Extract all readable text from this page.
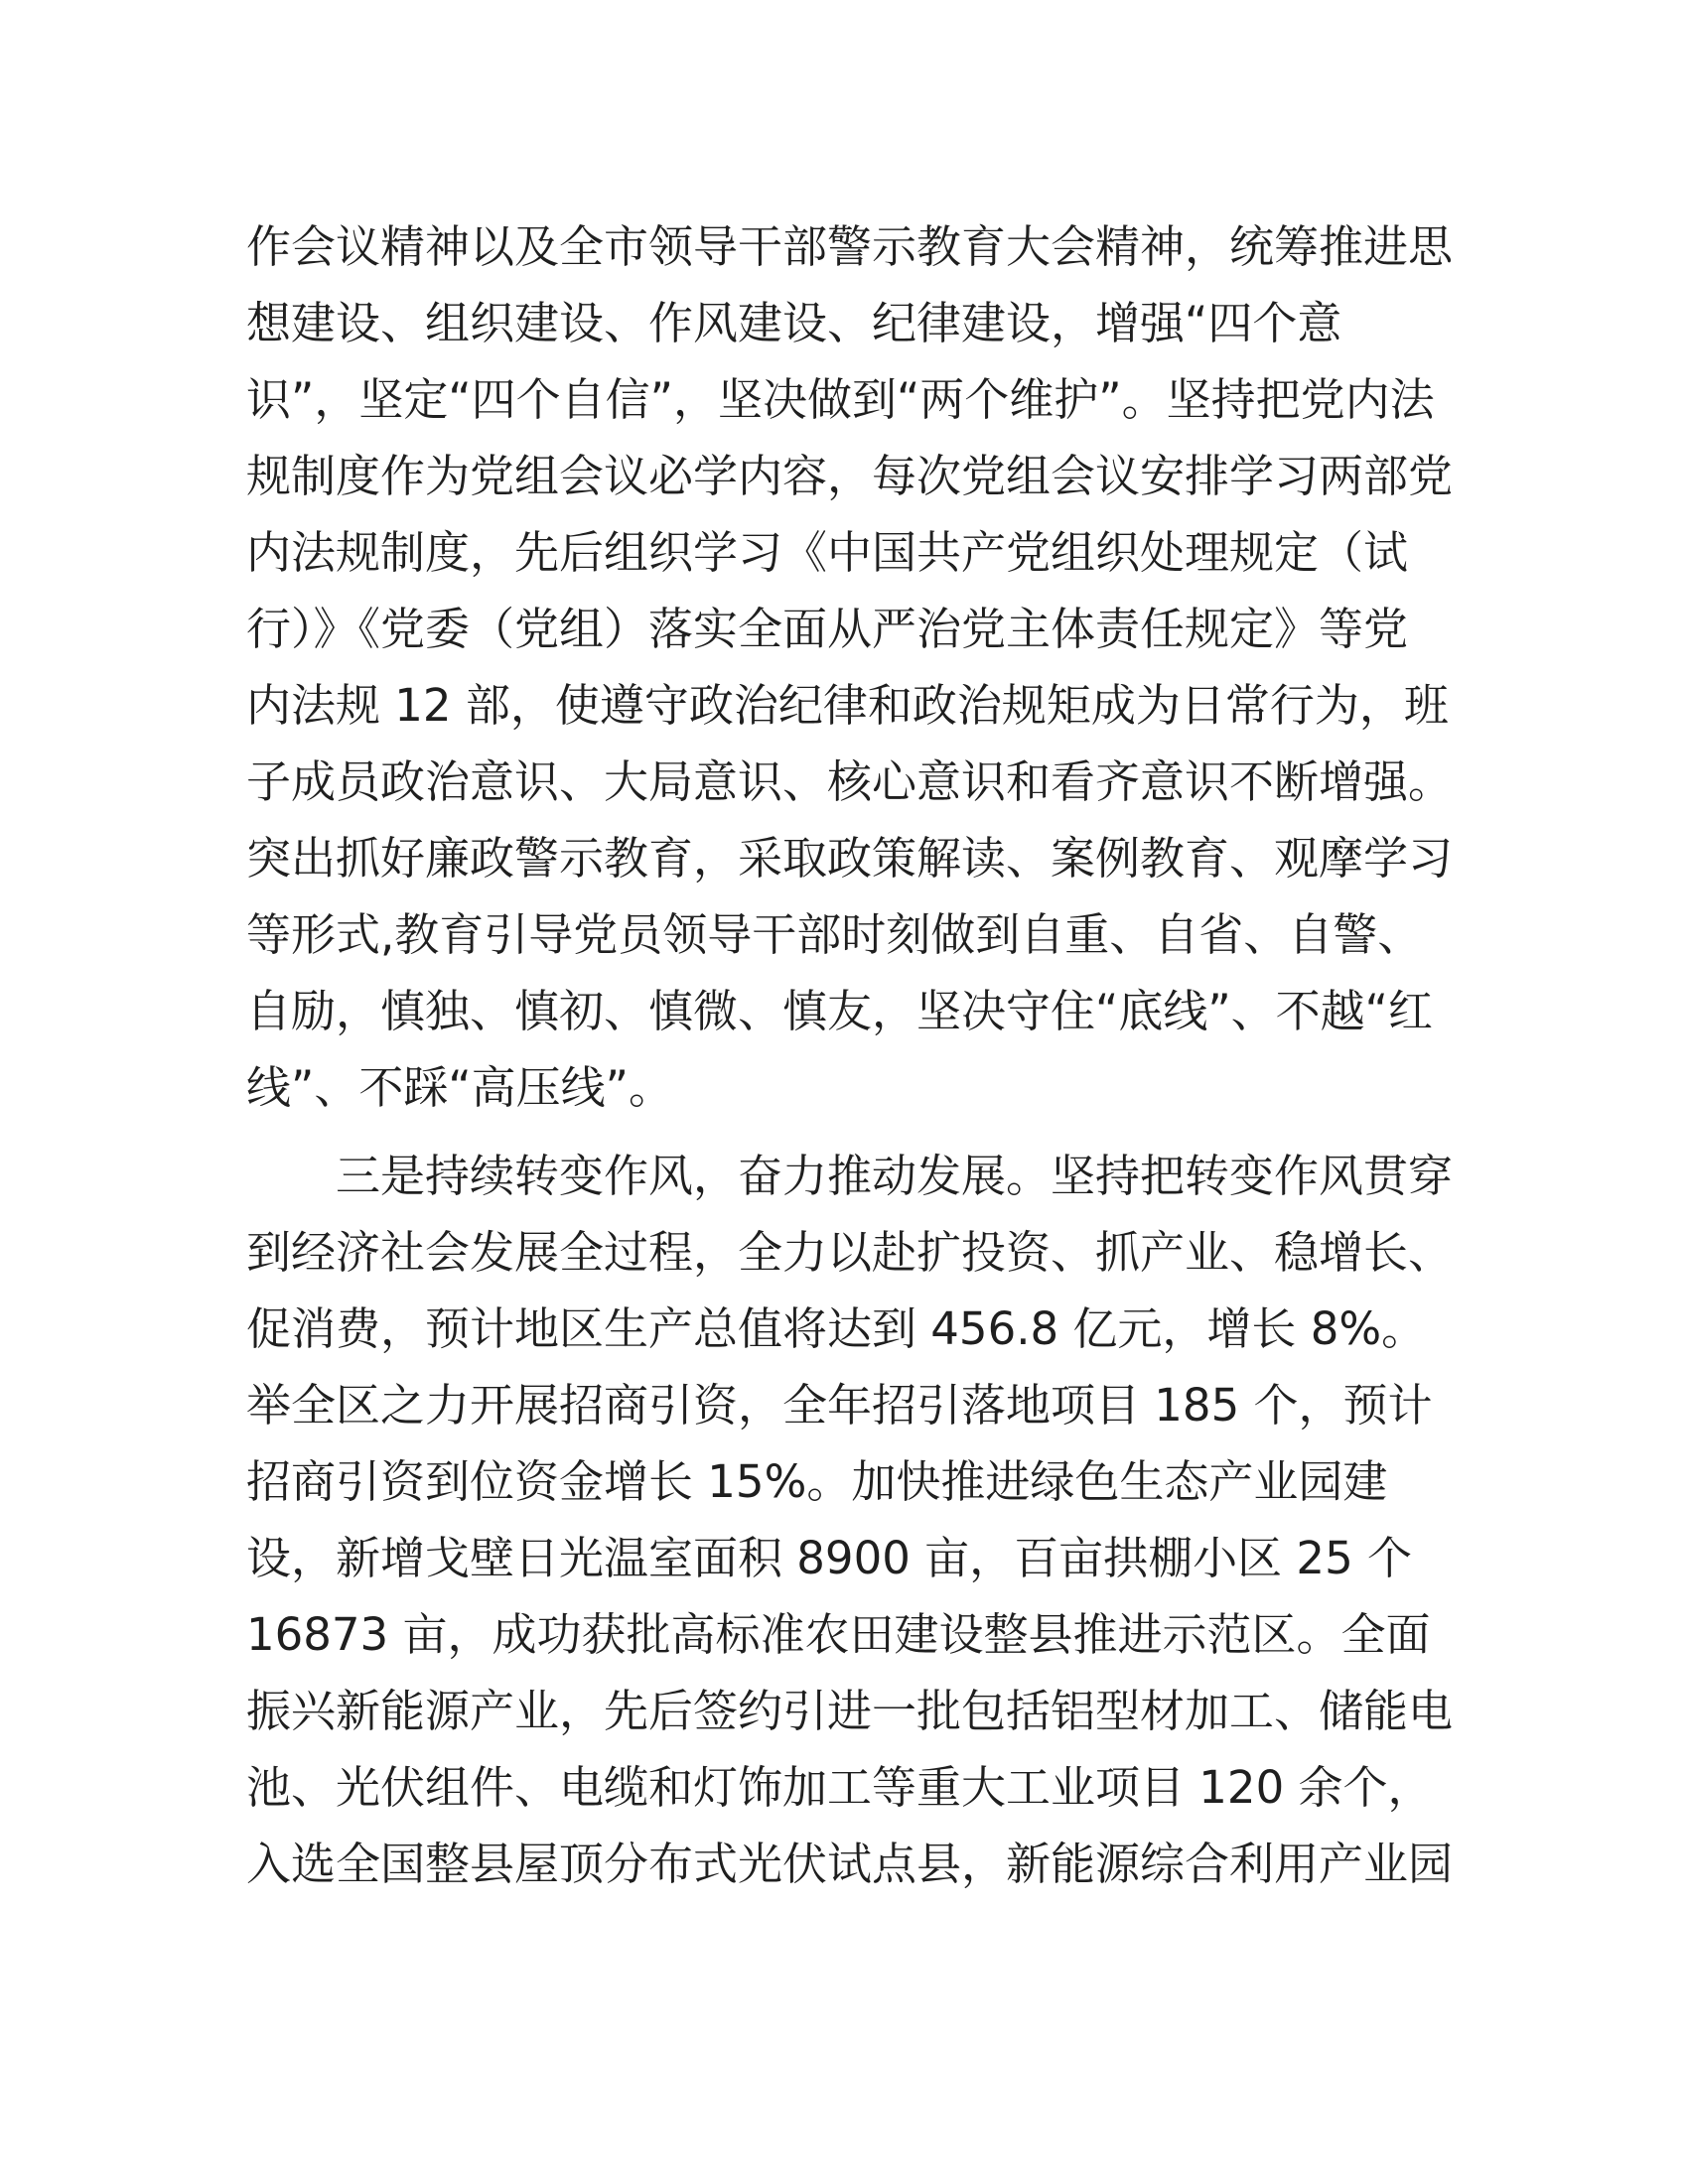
作会议精神以及全市领导干部警示教育大会精神，统筹推进思
想建设、组织建设、作风建设、纪律建设，增强“四个意
识”，坚定“四个自信”，坚决做到“两个维护”。坚持把党内法
规制度作为党组会议必学内容，每次党组会议安排学习两部党
内法规制度，先后组织学习《中国共产党组织处理规定（试
行）》《党委（党组）落实全面从严治党主体责任规定》等党
内法规 12 部，使遵守政治纪律和政治规矩成为日常行为，班
子成员政治意识、大局意识、核心意识和看齐意识不断增强。
突出抓好廉政警示教育，采取政策解读、案例教育、观摩学习
等形式,教育引导党员领导干部时刻做到自重、自省、自警、
自励，慎独、慎初、慎微、慎友，坚决守住“底线”、不越“红
线”、不踩“高压线”。
　　三是持续转变作风，奋力推动发展。坚持把转变作风贯穿
到经济社会发展全过程，全力以赴扩投资、抓产业、稳增长、
促消费，预计地区生产总值将达到 456.8 亿元，增长 8%。
举全区之力开展招商引资，全年招引落地项目 185 个，预计
招商引资到位资金增长 15%。加快推进绿色生态产业园建
设，新增戈壁日光温室面积 8900 亩，百亩拱棚小区 25 个
16873 亩，成功获批高标准农田建设整县推进示范区。全面
振兴新能源产业，先后签约引进一批包括铝型材加工、储能电
池、光伏组件、电缆和灯饰加工等重大工业项目 120 余个，
入选全国整县屋顶分布式光伏试点县，新能源综合利用产业园
